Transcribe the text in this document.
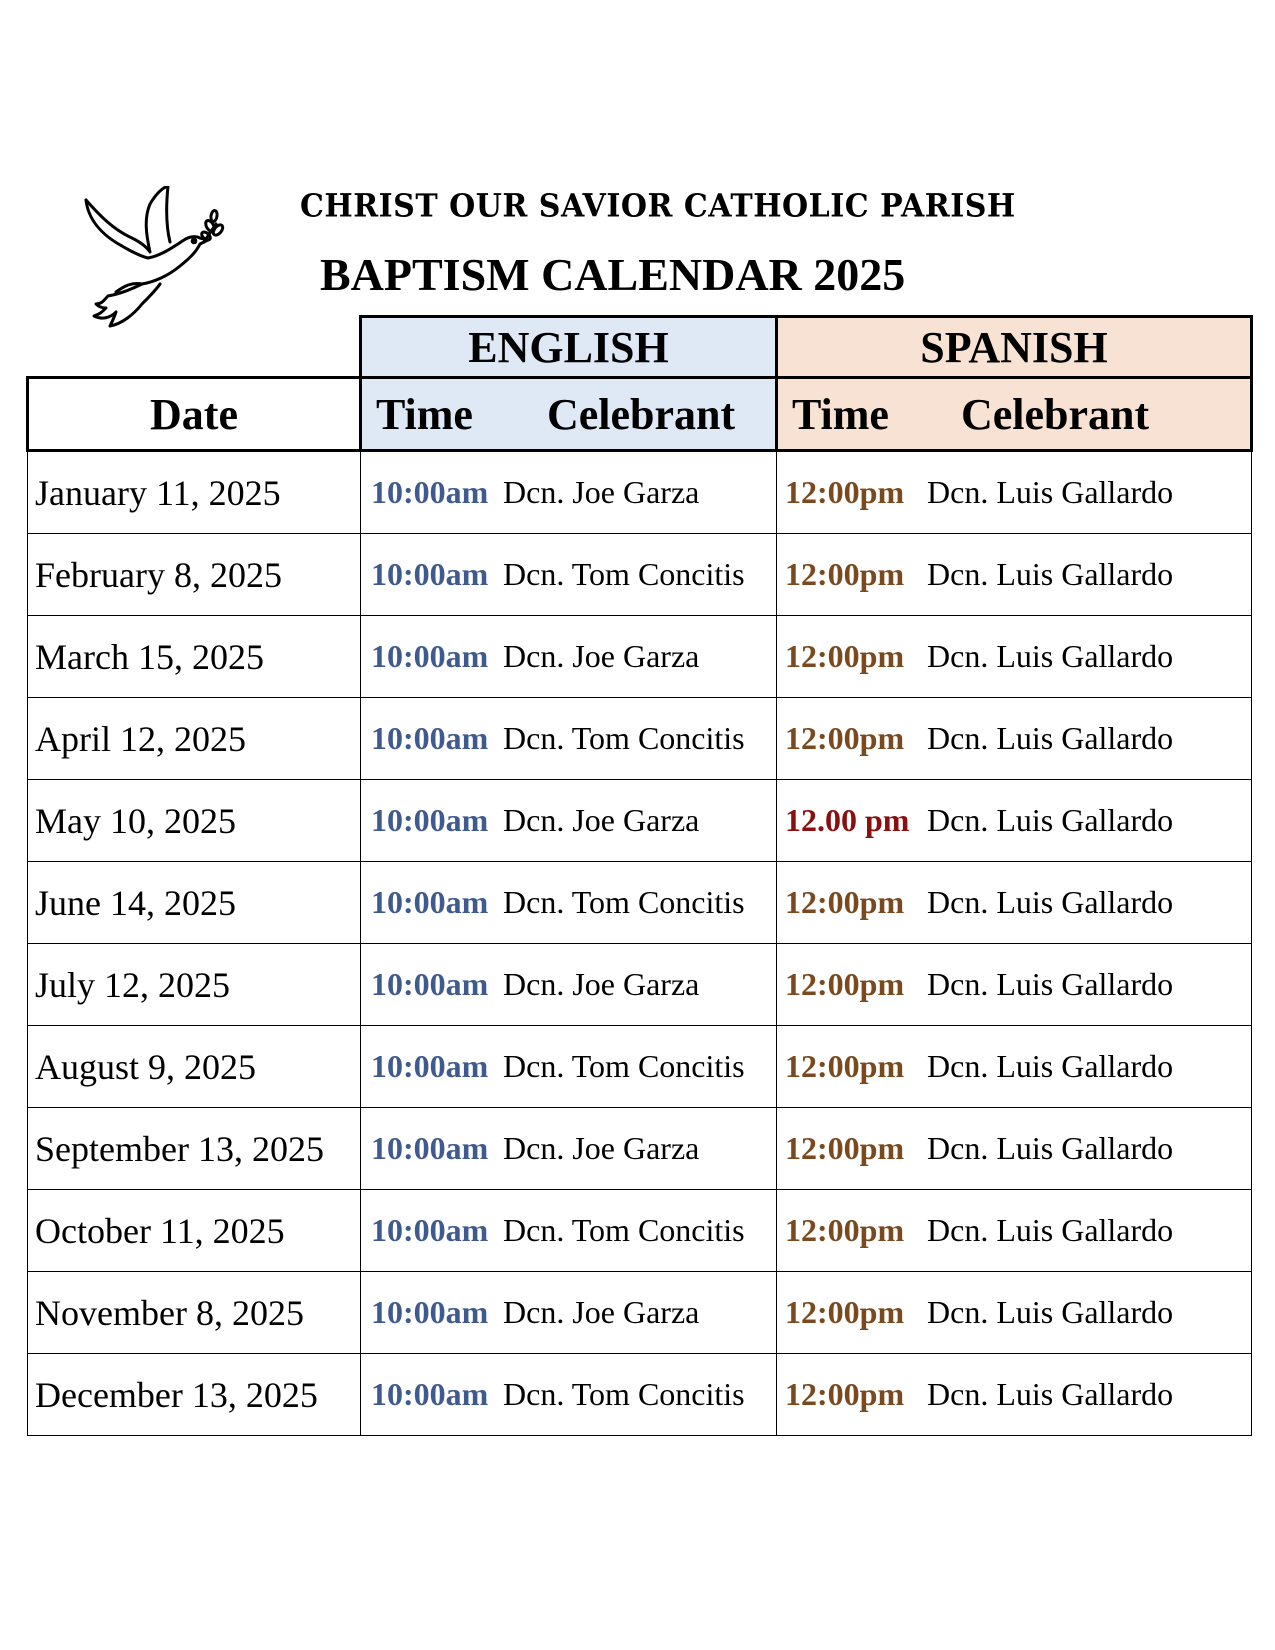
CHRIST OUR SAVIOR CATHOLIC PARISH
BAPTISM CALENDAR 2025
	ENGLISH	SPANISH
Date	Time Celebrant	Time Celebrant
January 11, 2025	10:00am Dcn. Joe Garza	12:00pm Dcn. Luis Gallardo
February 8, 2025	10:00am Dcn. Tom Concitis	12:00pm Dcn. Luis Gallardo
March 15, 2025	10:00am Dcn. Joe Garza	12:00pm Dcn. Luis Gallardo
April 12, 2025	10:00am Dcn. Tom Concitis	12:00pm Dcn. Luis Gallardo
May 10, 2025	10:00am Dcn. Joe Garza	12.00 pm Dcn. Luis Gallardo
June 14, 2025	10:00am Dcn. Tom Concitis	12:00pm Dcn. Luis Gallardo
July 12, 2025	10:00am Dcn. Joe Garza	12:00pm Dcn. Luis Gallardo
August 9, 2025	10:00am Dcn. Tom Concitis	12:00pm Dcn. Luis Gallardo
September 13, 2025	10:00am Dcn. Joe Garza	12:00pm Dcn. Luis Gallardo
October 11, 2025	10:00am Dcn. Tom Concitis	12:00pm Dcn. Luis Gallardo
November 8, 2025	10:00am Dcn. Joe Garza	12:00pm Dcn. Luis Gallardo
December 13, 2025	10:00am Dcn. Tom Concitis	12:00pm Dcn. Luis Gallardo
